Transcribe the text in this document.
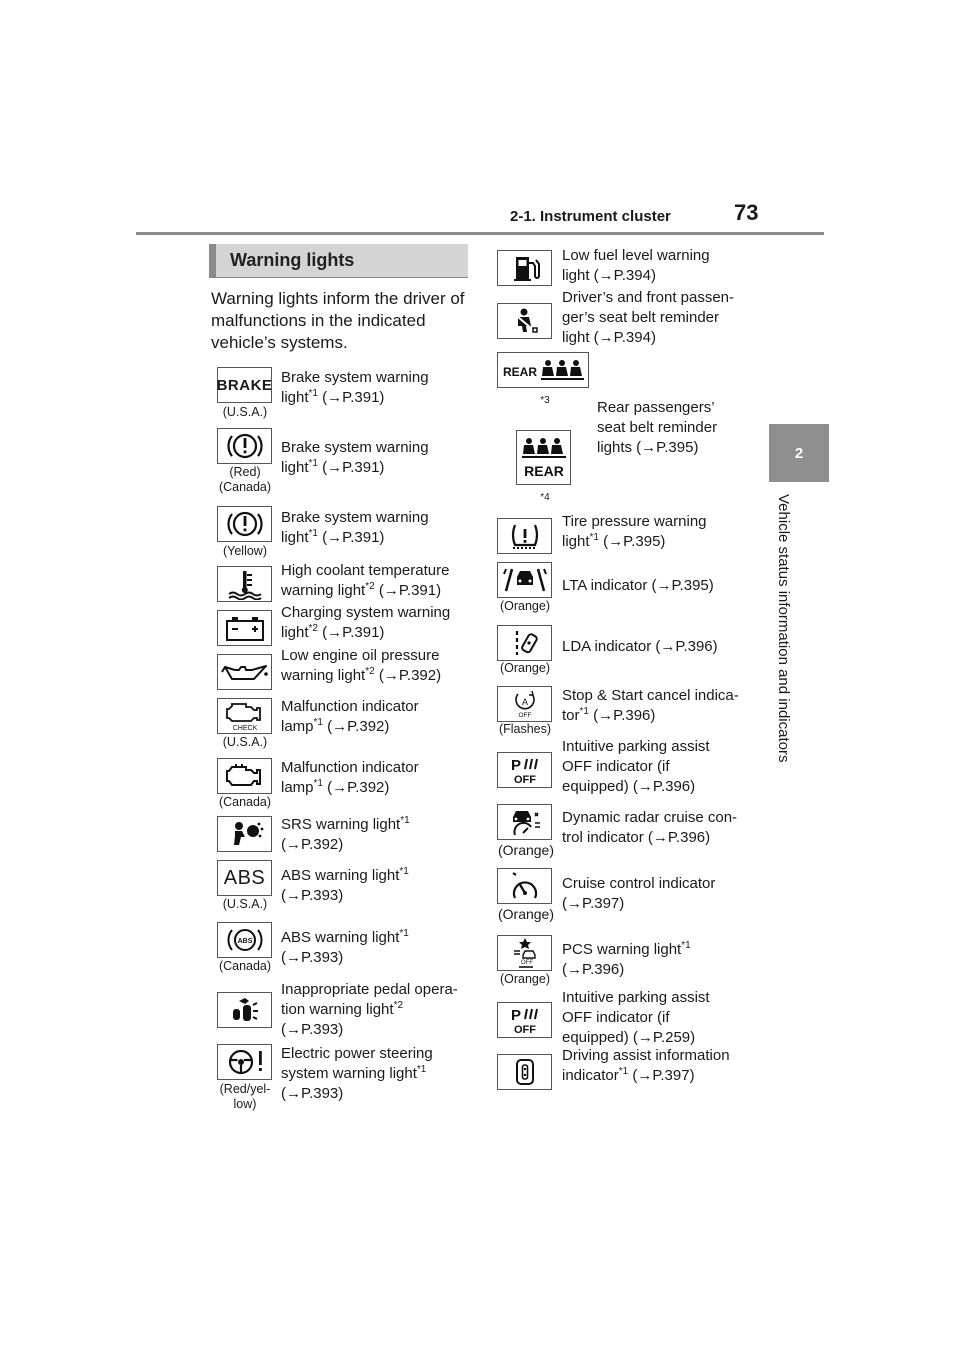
2-1. Instrument cluster	73
2
Vehicle status information and indicators
Warning lights
Warning lights inform the driver of malfunctions in the indicated vehicle’s systems.
BRAKE
(U.S.A.)
Brake system warning
light$^{*1}$ (→P.391)
(Red)
(Canada)
Brake system warning
light$^{*1}$ (→P.391)
(Yellow)
Brake system warning
light$^{*1}$ (→P.391)
High coolant temperature
warning light$^{*2}$ (→P.391)
Charging system warning
light$^{*2}$ (→P.391)
Low engine oil pressure
warning light$^{*2}$ (→P.392)
CHECK
(U.S.A.)
Malfunction indicator
lamp$^{*1}$ (→P.392)
(Canada)
Malfunction indicator
lamp$^{*1}$ (→P.392)
SRS warning light$^{*1}$
(→P.392)
ABS
(U.S.A.)
ABS warning light$^{*1}$
(→P.393)
ABS
(Canada)
ABS warning light$^{*1}$
(→P.393)
Inappropriate pedal opera-
tion warning light$^{*2}$
(→P.393)
(Red/yel-
low)
Electric power steering
system warning light$^{*1}$
(→P.393)
Low fuel level warning
light (→P.394)
Driver’s and front passen-
ger’s seat belt reminder
light (→P.394)
REAR
*3
REAR
*4
Rear passengers’
seat belt reminder
lights (→P.395)
Tire pressure warning
light$^{*1}$ (→P.395)
(Orange)
LTA indicator (→P.395)
(Orange)
LDA indicator (→P.396)
A
OFF
(Flashes)
Stop & Start cancel indica-
tor$^{*1}$ (→P.396)
P
OFF
Intuitive parking assist
OFF indicator (if
equipped) (→P.396)
(Orange)
Dynamic radar cruise con-
trol indicator (→P.396)
(Orange)
Cruise control indicator
(→P.397)
OFF
(Orange)
PCS warning light$^{*1}$
(→P.396)
P
OFF
Intuitive parking assist
OFF indicator (if
equipped) (→P.259)
Driving assist information
indicator$^{*1}$ (→P.397)
